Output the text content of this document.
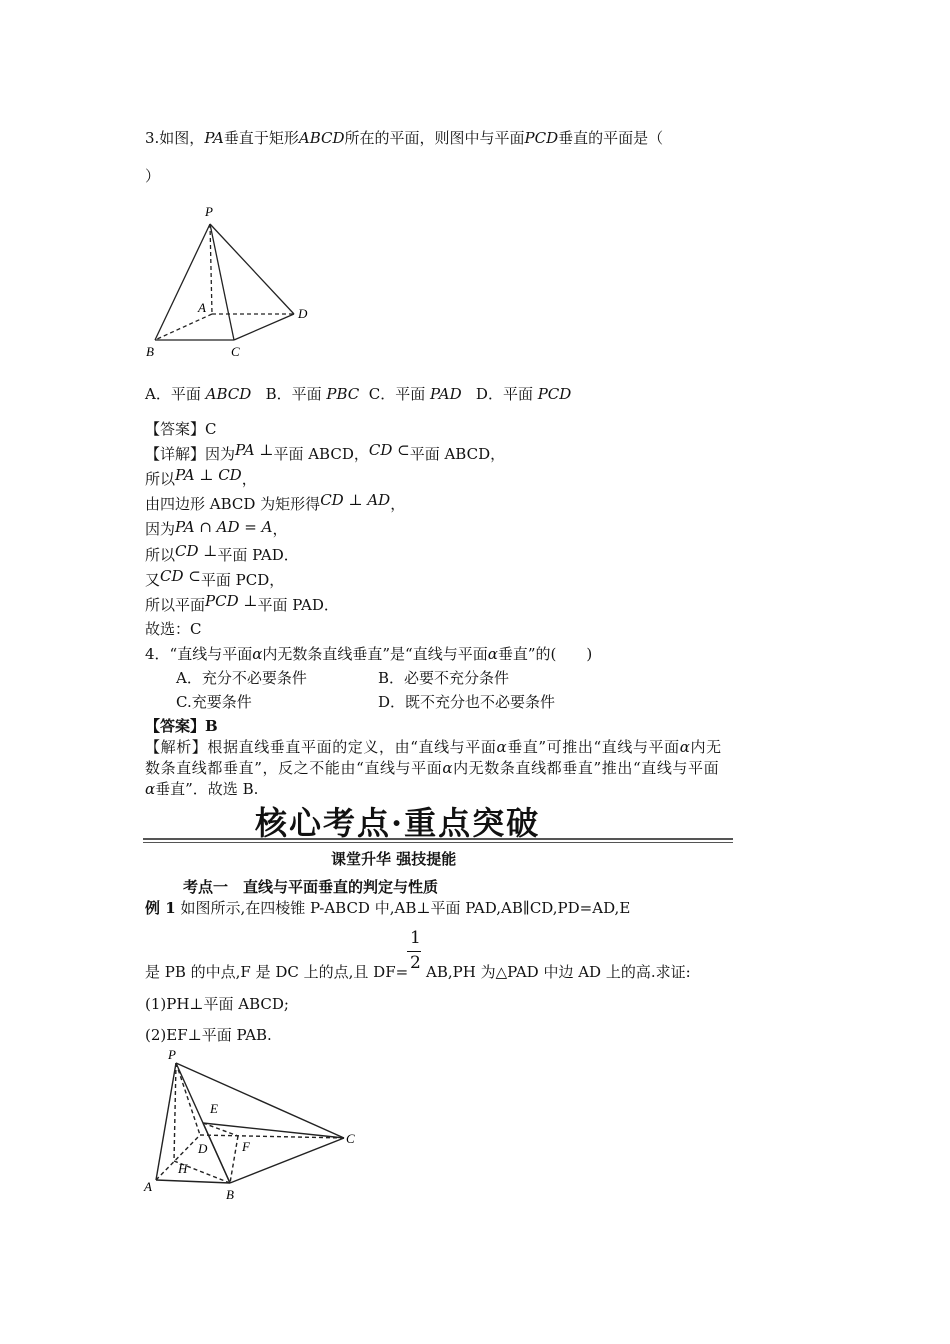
3.如图，PA垂直于矩形ABCD所在的平面，则图中与平面PCD垂直的平面是（
）
P
A
B	C
D
A．平面 ABCD B．平面 PBC C．平面 PAD D．平面 PCD
【答案】C
【详解】因为PA ⊥平面 ABCD，CD ⊂平面 ABCD，
所以PA ⊥ CD，
由四边形 ABCD 为矩形得CD ⊥ AD，
因为PA ∩ AD = A，
所以CD ⊥平面 PAD．
又CD ⊂平面 PCD，
所以平面PCD ⊥平面 PAD．
故选：C
4．“直线与平面α内无数条直线垂直”是“直线与平面α垂直”的(　　)
A．充分不必要条件	B．必要不充分条件
C.充要条件	D．既不充分也不必要条件
【答案】B
【解析】根据直线垂直平面的定义，由“直线与平面α垂直”可推出“直线与平面α内无
数条直线都垂直”，反之不能由“直线与平面α内无数条直线都垂直”推出“直线与平面
α垂直”．故选 B.
核心考点·重点突破
课堂升华 强技提能
考点一　直线与平面垂直的判定与性质
例 1 如图所示,在四棱锥 P-ABCD 中,AB⊥平面 PAD,AB∥CD,PD=AD,E
1
2
是 PB 的中点,F 是 DC 上的点,且 DF= AB,PH 为△PAD 中边 AD 上的高.求证:
(1)PH⊥平面 ABCD;
(2)EF⊥平面 PAB.
P
E
D	F
H
A
B
C
